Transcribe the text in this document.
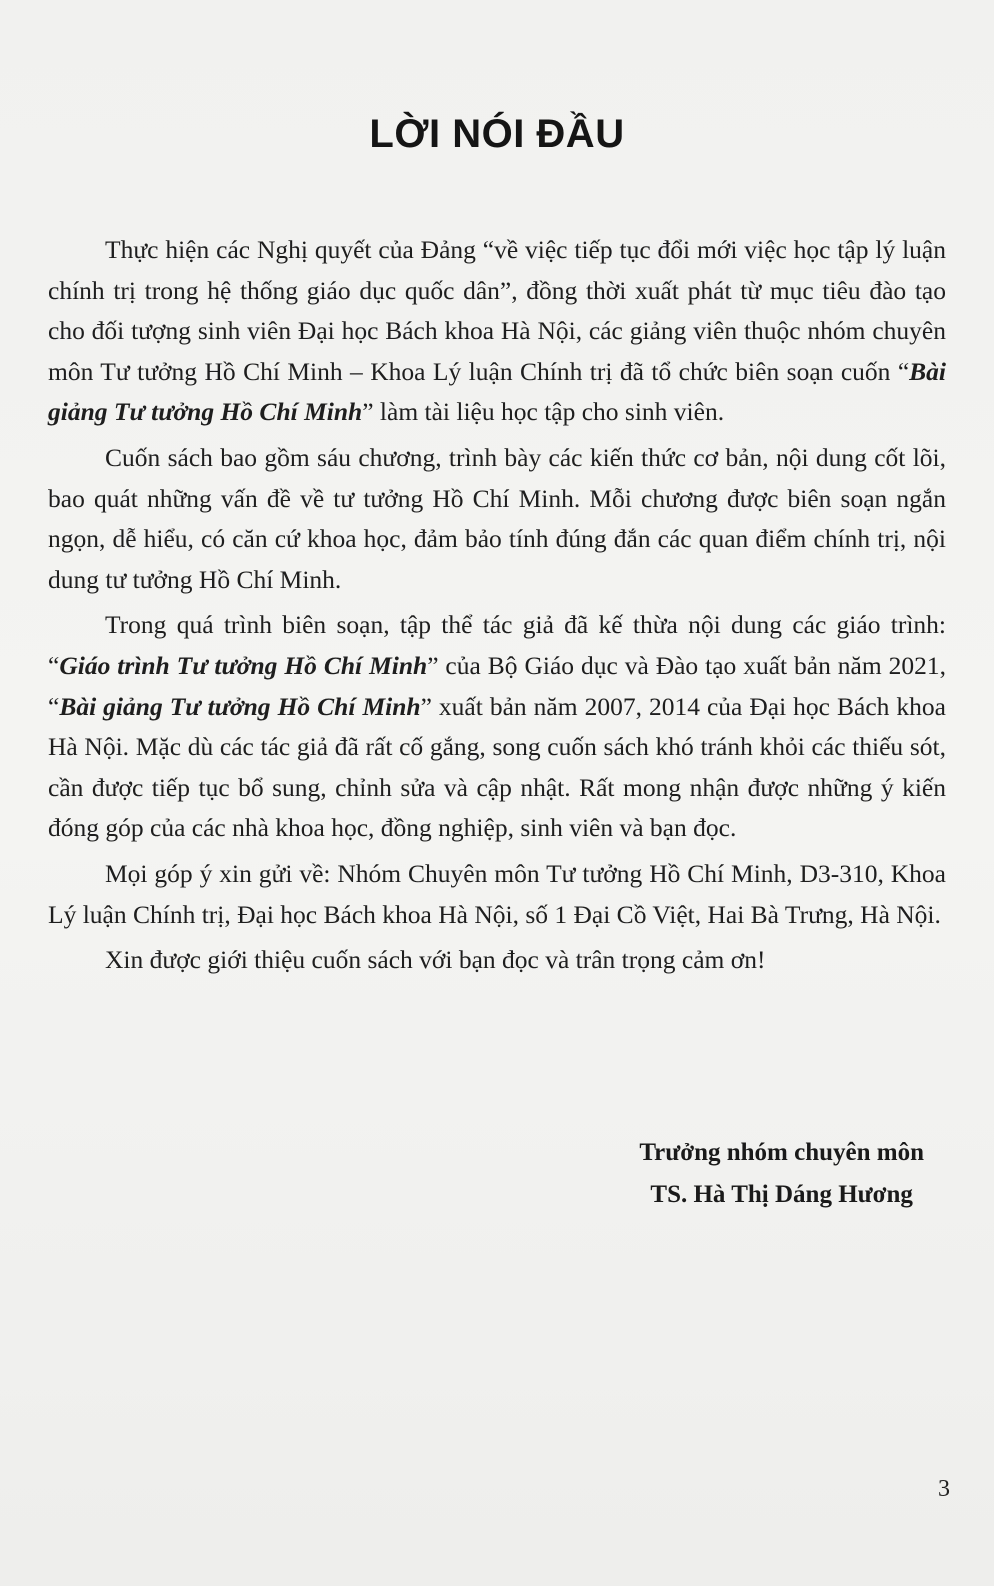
LỜI NÓI ĐẦU

Thực hiện các Nghị quyết của Đảng “về việc tiếp tục đổi mới việc học tập lý luận chính trị trong hệ thống giáo dục quốc dân”, đồng thời xuất phát từ mục tiêu đào tạo cho đối tượng sinh viên Đại học Bách khoa Hà Nội, các giảng viên thuộc nhóm chuyên môn Tư tưởng Hồ Chí Minh – Khoa Lý luận Chính trị đã tổ chức biên soạn cuốn “Bài giảng Tư tưởng Hồ Chí Minh” làm tài liệu học tập cho sinh viên.

Cuốn sách bao gồm sáu chương, trình bày các kiến thức cơ bản, nội dung cốt lõi, bao quát những vấn đề về tư tưởng Hồ Chí Minh. Mỗi chương được biên soạn ngắn ngọn, dễ hiểu, có căn cứ khoa học, đảm bảo tính đúng đắn các quan điểm chính trị, nội dung tư tưởng Hồ Chí Minh.

Trong quá trình biên soạn, tập thể tác giả đã kế thừa nội dung các giáo trình: “Giáo trình Tư tưởng Hồ Chí Minh” của Bộ Giáo dục và Đào tạo xuất bản năm 2021, “Bài giảng Tư tưởng Hồ Chí Minh” xuất bản năm 2007, 2014 của Đại học Bách khoa Hà Nội. Mặc dù các tác giả đã rất cố gắng, song cuốn sách khó tránh khỏi các thiếu sót, cần được tiếp tục bổ sung, chỉnh sửa và cập nhật. Rất mong nhận được những ý kiến đóng góp của các nhà khoa học, đồng nghiệp, sinh viên và bạn đọc.

Mọi góp ý xin gửi về: Nhóm Chuyên môn Tư tưởng Hồ Chí Minh, D3-310, Khoa Lý luận Chính trị, Đại học Bách khoa Hà Nội, số 1 Đại Cồ Việt, Hai Bà Trưng, Hà Nội.

Xin được giới thiệu cuốn sách với bạn đọc và trân trọng cảm ơn!

Trưởng nhóm chuyên môn
TS. Hà Thị Dáng Hương
3
